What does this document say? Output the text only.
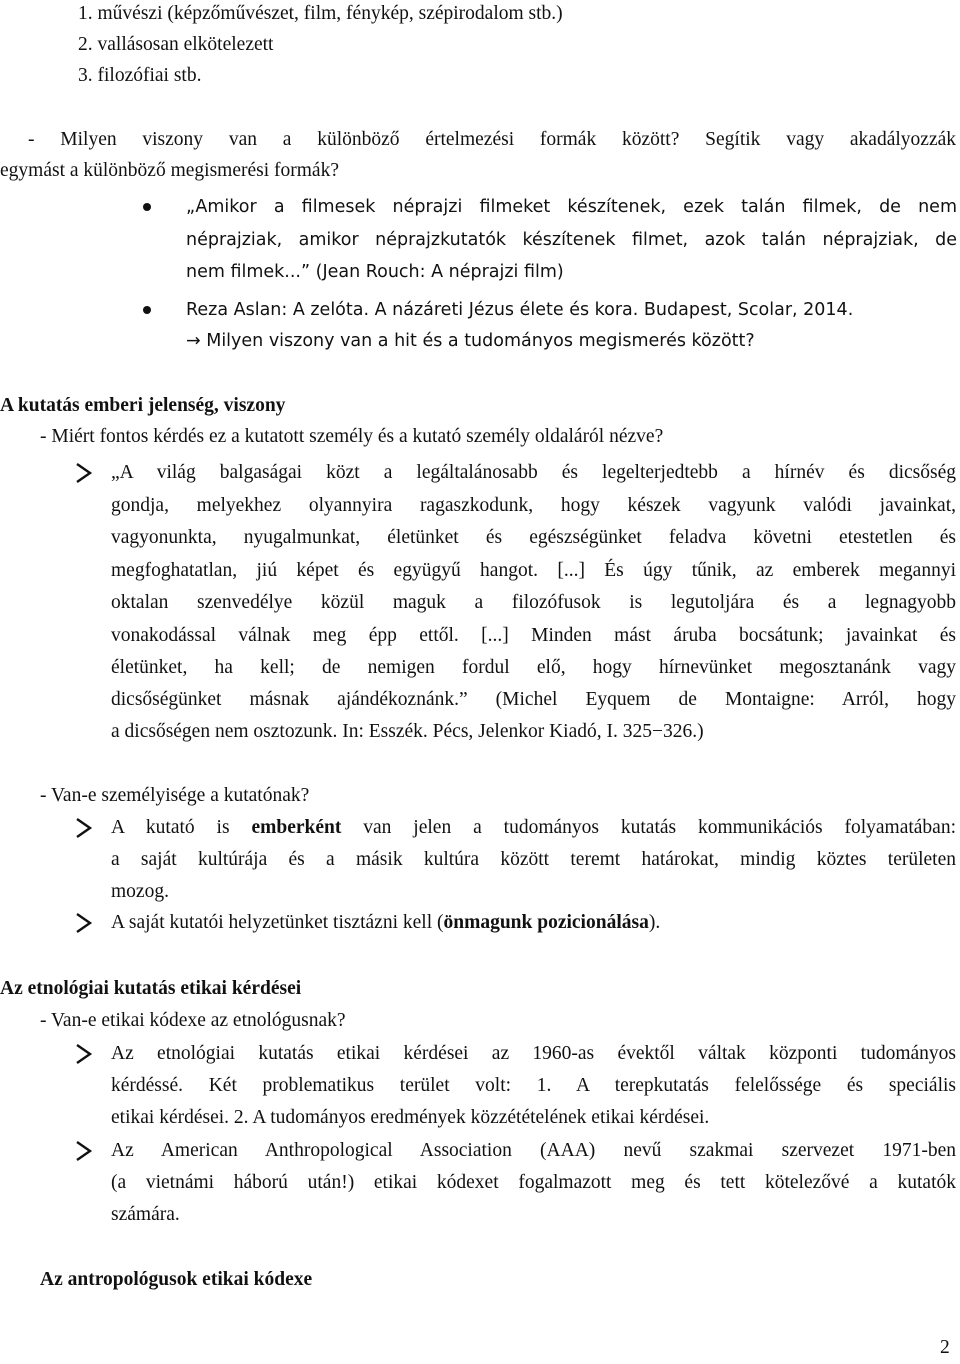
1. művészi (képzőművészet, film, fénykép, szépirodalom stb.)
2. vallásosan elkötelezett
3. filozófiai stb.
- Milyen viszony van a különböző értelmezési formák között? Segítik vagy akadályozzák
egymást a különböző megismerési formák?
„Amikor a filmesek néprajzi filmeket készítenek, ezek talán filmek, de nem
néprajziak, amikor néprajzkutatók készítenek filmet, azok talán néprajziak, de
nem filmek...” (Jean Rouch: A néprajzi film)
Reza Aslan: A zelóta. A názáreti Jézus élete és kora. Budapest, Scolar, 2014.
→ Milyen viszony van a hit és a tudományos megismerés között?
A kutatás emberi jelenség, viszony
- Miért fontos kérdés ez a kutatott személy és a kutató személy oldaláról nézve?
„A világ balgaságai közt a legáltalánosabb és legelterjedtebb a hírnév és dicsőség
gondja, melyekhez olyannyira ragaszkodunk, hogy készek vagyunk valódi javainkat,
vagyonunkta, nyugalmunkat, életünket és egészségünket feladva követni etestetlen és
megfoghatatlan, jiú képet és együgyű hangot. [...] És úgy tűnik, az emberek megannyi
oktalan szenvedélye közül maguk a filozófusok is legutoljára és a legnagyobb
vonakodással válnak meg épp ettől. [...] Minden mást áruba bocsátunk; javainkat és
életünket, ha kell; de nemigen fordul elő, hogy hírnevünket megosztanánk vagy
dicsőségünket másnak ajándékoznánk.” (Michel Eyquem de Montaigne: Arról, hogy
a dicsőségen nem osztozunk. In: Esszék. Pécs, Jelenkor Kiadó, I. 325−326.)
- Van-e személyisége a kutatónak?
A kutató is emberként van jelen a tudományos kutatás kommunikációs folyamatában:
a saját kultúrája és a másik kultúra között teremt határokat, mindig köztes területen
mozog.
A saját kutatói helyzetünket tisztázni kell (önmagunk pozicionálása).
Az etnológiai kutatás etikai kérdései
- Van-e etikai kódexe az etnológusnak?
Az etnológiai kutatás etikai kérdései az 1960-as évektől váltak központi tudományos
kérdéssé. Két problematikus terület volt: 1. A terepkutatás felelőssége és speciális
etikai kérdései. 2. A tudományos eredmények közzétételének etikai kérdései.
Az American Anthropological Association (AAA) nevű szakmai szervezet 1971-ben
(a vietnámi háború után!) etikai kódexet fogalmazott meg és tett kötelezővé a kutatók
számára.
Az antropológusok etikai kódexe
2
